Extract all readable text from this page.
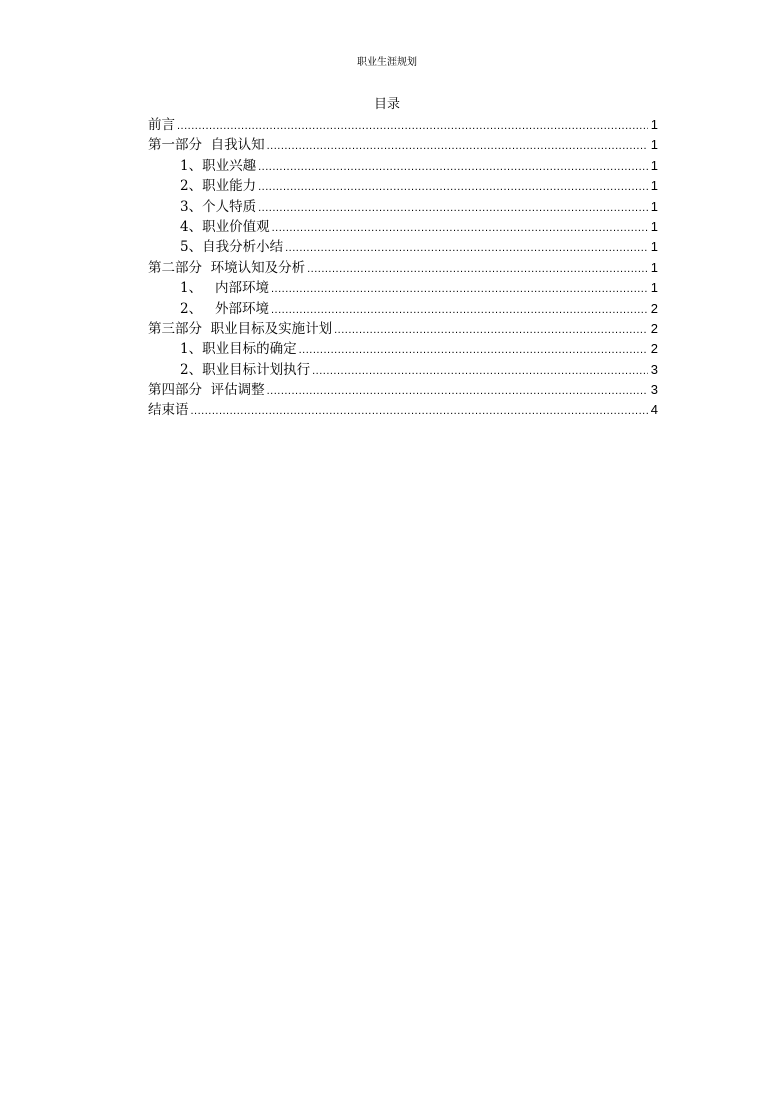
职业生涯规划
目录
前言 .....	1
第一部分  自我认知 .....	1
1、职业兴趣 .....	1
2、职业能力 .....	1
3、个人特质 .....	1
4、职业价值观 .....	1
5、自我分析小结 .....	1
第二部分  环境认知及分析 .....	1
1、   内部环境 .....	1
2、   外部环境 .....	2
第三部分  职业目标及实施计划 .....	2
1、职业目标的确定 .....	2
2、职业目标计划执行 .....	3
第四部分  评估调整 .....	3
结束语 .....	4
